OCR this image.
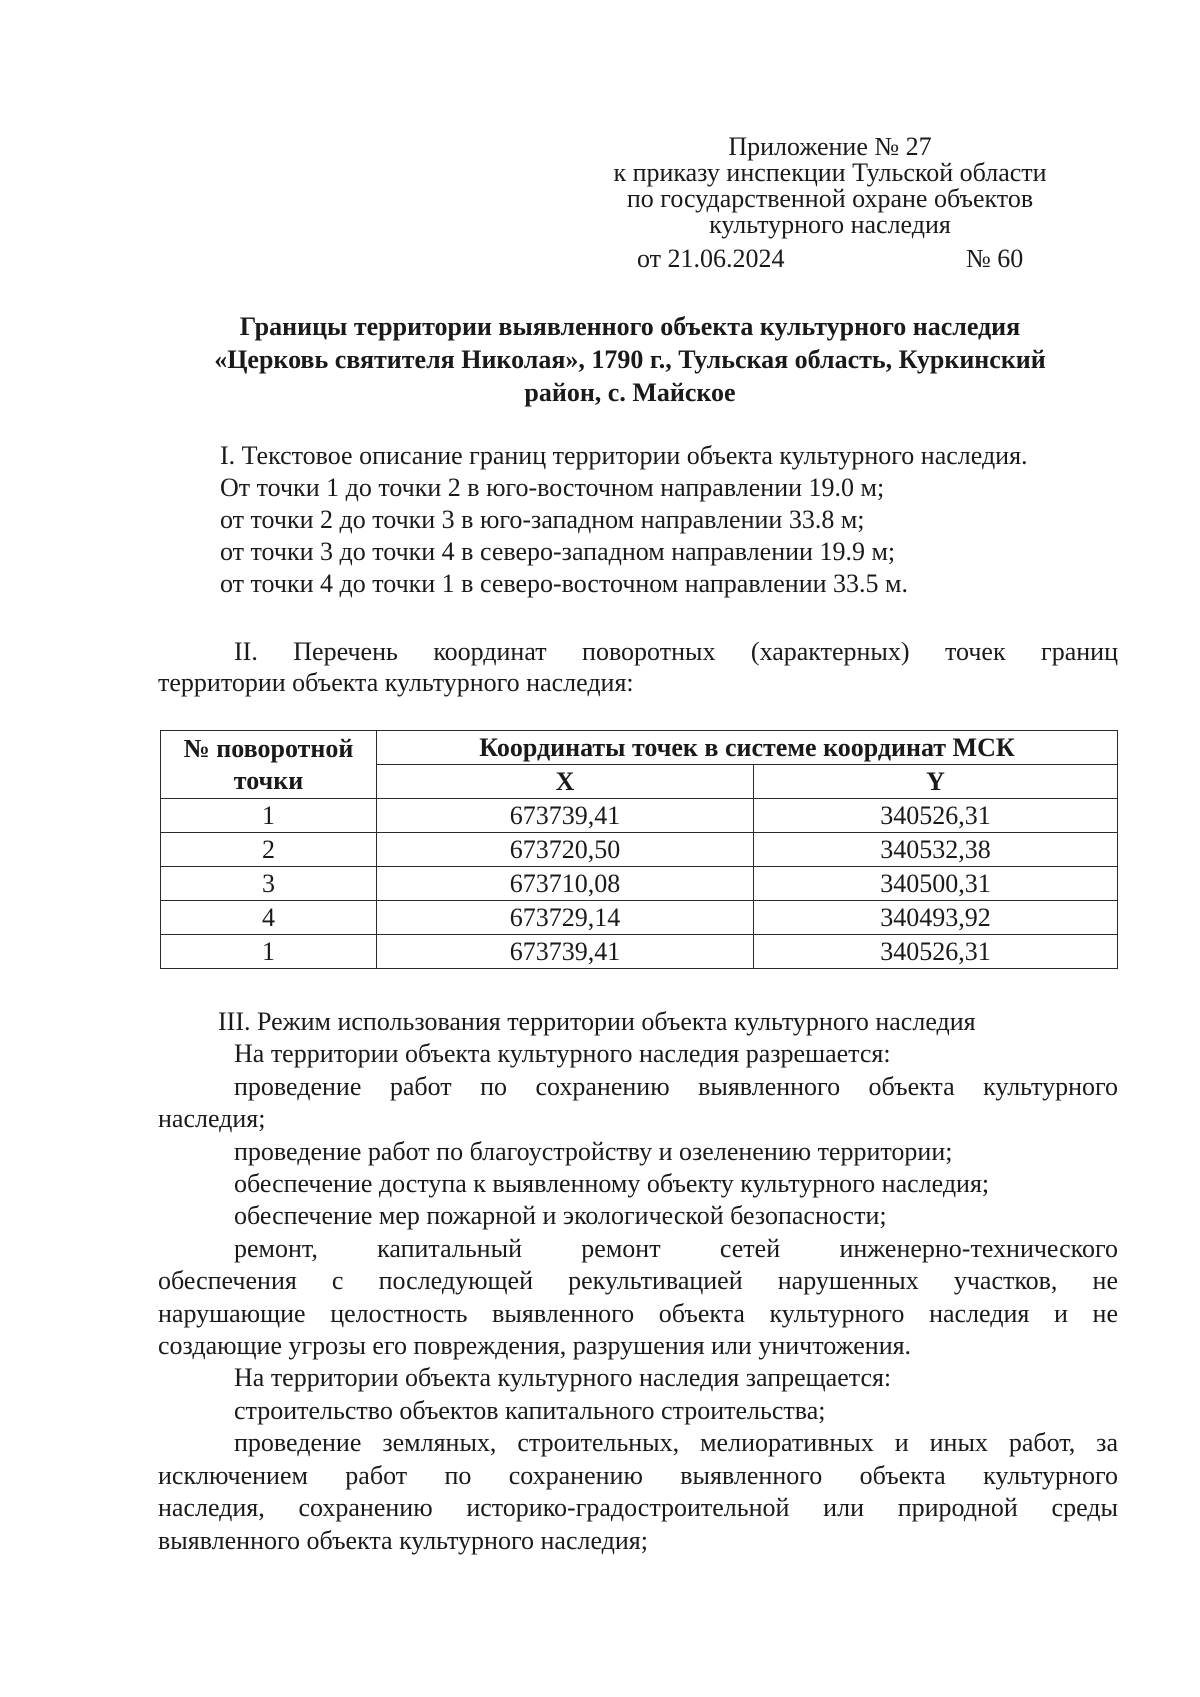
Приложение № 27
к приказу инспекции Тульской области
по государственной охране объектов
культурного наследия
от 21.06.2024	№ 60
Границы территории выявленного объекта культурного наследия
«Церковь святителя Николая», 1790 г., Тульская область, Куркинский
район, с. Майское
I. Текстовое описание границ территории объекта культурного наследия.
От точки 1 до точки 2 в юго-восточном направлении 19.0 м;
от точки 2 до точки 3 в юго-западном направлении 33.8 м;
от точки 3 до точки 4 в северо-западном направлении 19.9 м;
от точки 4 до точки 1 в северо-восточном направлении 33.5 м.
II. Перечень координат поворотных (характерных) точек границ
территории объекта культурного наследия:
№ поворотной точки	Координаты точек в системе координат МСК	
	X	Y
1	673739,41	340526,31
2	673720,50	340532,38
3	673710,08	340500,31
4	673729,14	340493,92
1	673739,41	340526,31
III. Режим использования территории объекта культурного наследия
На территории объекта культурного наследия разрешается:
проведение работ по сохранению выявленного объекта культурного
наследия;
проведение работ по благоустройству и озеленению территории;
обеспечение доступа к выявленному объекту культурного наследия;
обеспечение мер пожарной и экологической безопасности;
ремонт, капитальный ремонт сетей инженерно-технического
обеспечения с последующей рекультивацией нарушенных участков, не
нарушающие целостность выявленного объекта культурного наследия и не
создающие угрозы его повреждения, разрушения или уничтожения.
На территории объекта культурного наследия запрещается:
строительство объектов капитального строительства;
проведение земляных, строительных, мелиоративных и иных работ, за
исключением работ по сохранению выявленного объекта культурного
наследия, сохранению историко-градостроительной или природной среды
выявленного объекта культурного наследия;
